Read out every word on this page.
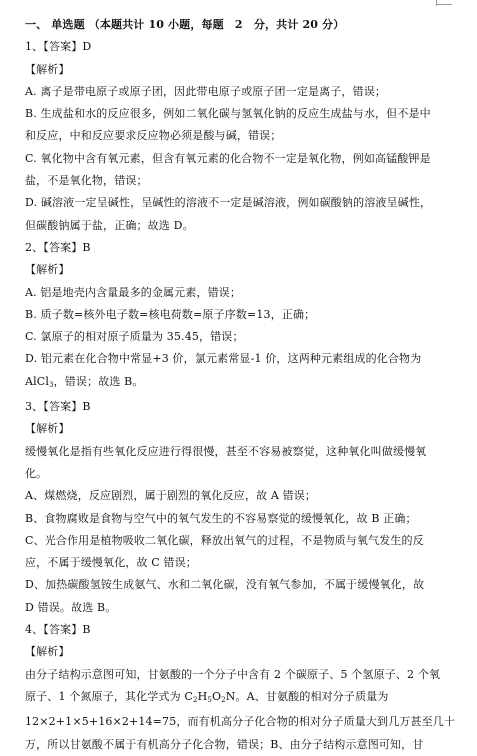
一、 单选题 （本题共计 10 小题，每题　2　分，共计 20 分）
1、【答案】D
【解析】
A. 离子是带电原子或原子团，因此带电原子或原子团一定是离子，错误；
B. 生成盐和水的反应很多，例如二氧化碳与氢氧化钠的反应生成盐与水，但不是中
和反应，中和反应要求反应物必须是酸与碱，错误；
C. 氧化物中含有氧元素，但含有氧元素的化合物不一定是氧化物，例如高锰酸钾是
盐，不是氧化物，错误；
D. 碱溶液一定呈碱性，呈碱性的溶液不一定是碱溶液，例如碳酸钠的溶液呈碱性，
但碳酸钠属于盐，正确；故选 D。
2、【答案】B
【解析】
A. 铝是地壳内含量最多的金属元素，错误；
B. 质子数=核外电子数=核电荷数=原子序数=13，正确；
C. 氯原子的相对原子质量为 35.45，错误；
D. 铝元素在化合物中常显+3 价，氯元素常显-1 价，这两种元素组成的化合物为
AlCl$_3$，错误；故选 B。
3、【答案】B
【解析】
缓慢氧化是指有些氧化反应进行得很慢，甚至不容易被察觉，这种氧化叫做缓慢氧
化。
A、煤燃烧，反应剧烈，属于剧烈的氧化反应，故 A 错误；
B、食物腐败是食物与空气中的氧气发生的不容易察觉的缓慢氧化，故 B 正确；
C、光合作用是植物吸收二氧化碳，释放出氧气的过程，不是物质与氧气发生的反
应，不属于缓慢氧化，故 C 错误；
D、加热碳酸氢铵生成氨气、水和二氧化碳，没有氧气参加，不属于缓慢氧化，故
D 错误。故选 B。
4、【答案】B
【解析】
由分子结构示意图可知，甘氨酸的一个分子中含有 2 个碳原子、5 个氢原子、2 个氧
原子、1 个氮原子，其化学式为 $C_2H_5O_2N$。A、甘氨酸的相对分子质量为
12×2+1×5+16×2+14=75，而有机高分子化合物的相对分子质量大到几万甚至几十
万，所以甘氨酸不属于有机高分子化合物，错误；B、由分子结构示意图可知，甘
